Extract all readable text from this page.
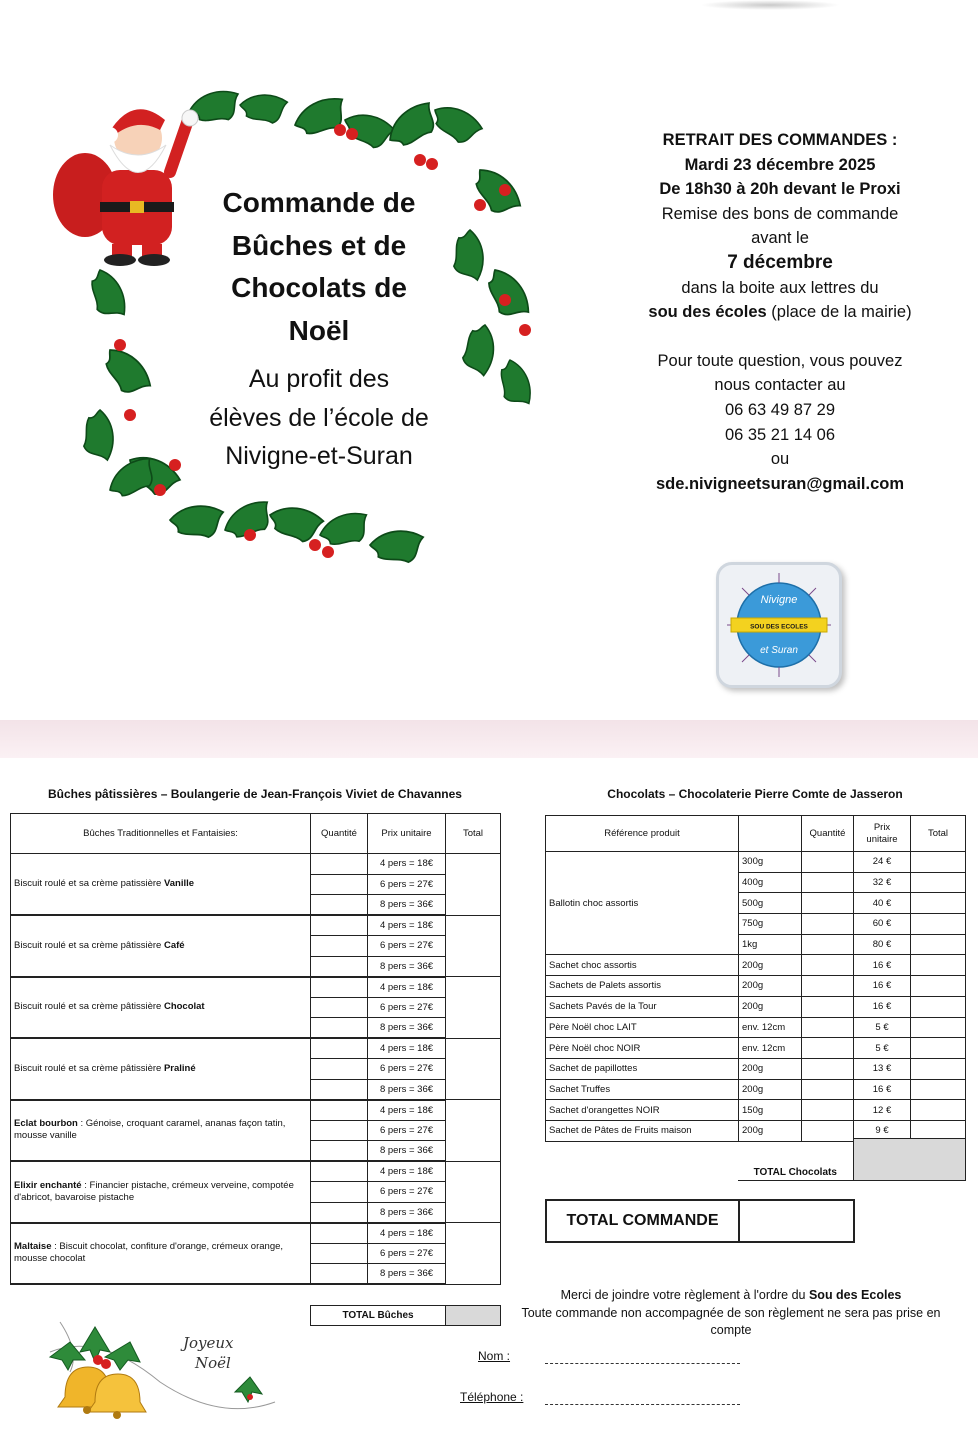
Commande de
Bûches et de
Chocolats de
Noël
Au profit des
élèves de l’école de
Nivigne-et-Suran
RETRAIT DES COMMANDES :
Mardi 23 décembre 2025
De 18h30 à 20h devant le Proxi
Remise des bons de commande
avant le
7 décembre
dans la boite aux lettres du
sou des écoles (place de la mairie)
Pour toute question, vous pouvez
nous contacter au
06 63 49 87 29
06 35 21 14 06
ou
sde.nivigneetsuran@gmail.com
Nivigne
SOU DES ECOLES
et Suran
Bûches pâtissières – Boulangerie de Jean-François Viviet de Chavannes
Bûches Traditionnelles et Fantaisies:	Quantité	Prix unitaire	Total
Biscuit roulé et sa crème patissière Vanille		4 pers = 18€	
		6 pers = 27€	
		8 pers = 36€	
Biscuit roulé et sa crème pâtissière Café		4 pers = 18€	
		6 pers = 27€	
		8 pers = 36€	
Biscuit roulé et sa crème pâtissière Chocolat		4 pers = 18€	
		6 pers = 27€	
		8 pers = 36€	
Biscuit roulé et sa crème pâtissière Praliné		4 pers = 18€	
		6 pers = 27€	
		8 pers = 36€	
Eclat bourbon : Génoise, croquant caramel, ananas façon tatin, mousse vanille		4 pers = 18€	
		6 pers = 27€	
		8 pers = 36€	
Elixir enchanté : Financier pistache, crémeux verveine, compotée d'abricot, bavaroise pistache		4 pers = 18€	
		6 pers = 27€	
		8 pers = 36€	
Maltaise : Biscuit chocolat, confiture d'orange, crémeux orange, mousse chocolat		4 pers = 18€	
		6 pers = 27€	
		8 pers = 36€	
TOTAL Bûches	
Chocolats – Chocolaterie Pierre Comte de Jasseron
Référence produit		Quantité	Prix unitaire	Total
Ballotin choc assortis	300g		24 €	
	400g		32 €	
	500g		40 €	
	750g		60 €	
	1kg		80 €	
Sachet choc assortis	200g		16 €	
Sachets de Palets assortis	200g		16 €	
Sachets Pavés de la Tour	200g		16 €	
Père Noël choc LAIT	env. 12cm		5 €	
Père Noël choc NOIR	env. 12cm		5 €	
Sachet de papillottes	200g		13 €	
Sachet Truffes	200g		16 €	
Sachet d'orangettes NOIR	150g		12 €	
Sachet de Pâtes de Fruits maison	200g		9 €	
TOTAL Chocolats	
TOTAL COMMANDE
Merci de joindre votre règlement à l'ordre du Sou des Ecoles
Toute commande non accompagnée de son règlement ne sera pas prise en compte
Nom :
Téléphone :
Joyeux
Noël
